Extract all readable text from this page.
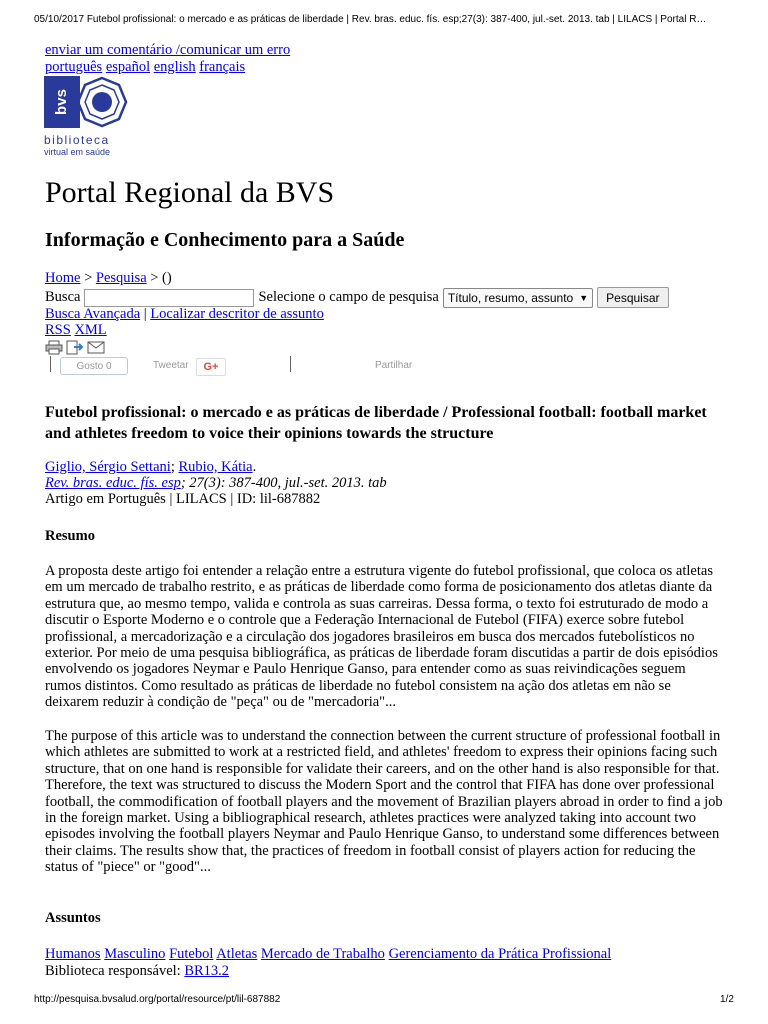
05/10/2017 Futebol profissional: o mercado e as práticas de liberdade | Rev. bras. educ. fís. esp;27(3): 387-400, jul.-set. 2013. tab | LILACS | Portal R…
enviar um comentário /comunicar um erro
português español english français
bvs
biblioteca
virtual em saúde
Portal Regional da BVS
Informação e Conhecimento para a Saúde
Home > Pesquisa > ()
Busca	Selecione o campo de pesquisa Título, resumo, assunto ▼	Pesquisar
Busca Avançada | Localizar descritor de assunto
RSS XML
Gosto
0	Tweetar	G+	Partilhar
Futebol profissional: o mercado e as práticas de liberdade / Professional football: football market and athletes freedom to voice their opinions towards the structure
Giglio, Sérgio Settani; Rubio, Kátia.
Rev. bras. educ. fís. esp; 27(3): 387-400, jul.-set. 2013. tab
Artigo em Português | LILACS | ID: lil-687882
Resumo
A proposta deste artigo foi entender a relação entre a estrutura vigente do futebol profissional, que coloca os atletas em um mercado de trabalho restrito, e as práticas de liberdade como forma de posicionamento dos atletas diante da estrutura que, ao mesmo tempo, valida e controla as suas carreiras. Dessa forma, o texto foi estruturado de modo a discutir o Esporte Moderno e o controle que a Federação Internacional de Futebol (FIFA) exerce sobre futebol profissional, a mercadorização e a circulação dos jogadores brasileiros em busca dos mercados futebolísticos no exterior. Por meio de uma pesquisa bibliográfica, as práticas de liberdade foram discutidas a partir de dois episódios envolvendo os jogadores Neymar e Paulo Henrique Ganso, para entender como as suas reivindicações seguem rumos distintos. Como resultado as práticas de liberdade no futebol consistem na ação dos atletas em não se deixarem reduzir à condição de "peça" ou de "mercadoria"...
The purpose of this article was to understand the connection between the current structure of professional football in which athletes are submitted to work at a restricted field, and athletes' freedom to express their opinions facing such structure, that on one hand is responsible for validate their careers, and on the other hand is also responsible for that. Therefore, the text was structured to discuss the Modern Sport and the control that FIFA has done over professional football, the commodification of football players and the movement of Brazilian players abroad in order to find a job in the foreign market. Using a bibliographical research, athletes practices were analyzed taking into account two episodes involving the football players Neymar and Paulo Henrique Ganso, to understand some differences between their claims. The results show that, the practices of freedom in football consist of players action for reducing the status of "piece" or "good"...
Assuntos
Humanos Masculino Futebol Atletas Mercado de Trabalho Gerenciamento da Prática Profissional
Biblioteca responsável: BR13.2
http://pesquisa.bvsalud.org/portal/resource/pt/lil-687882	1/2
